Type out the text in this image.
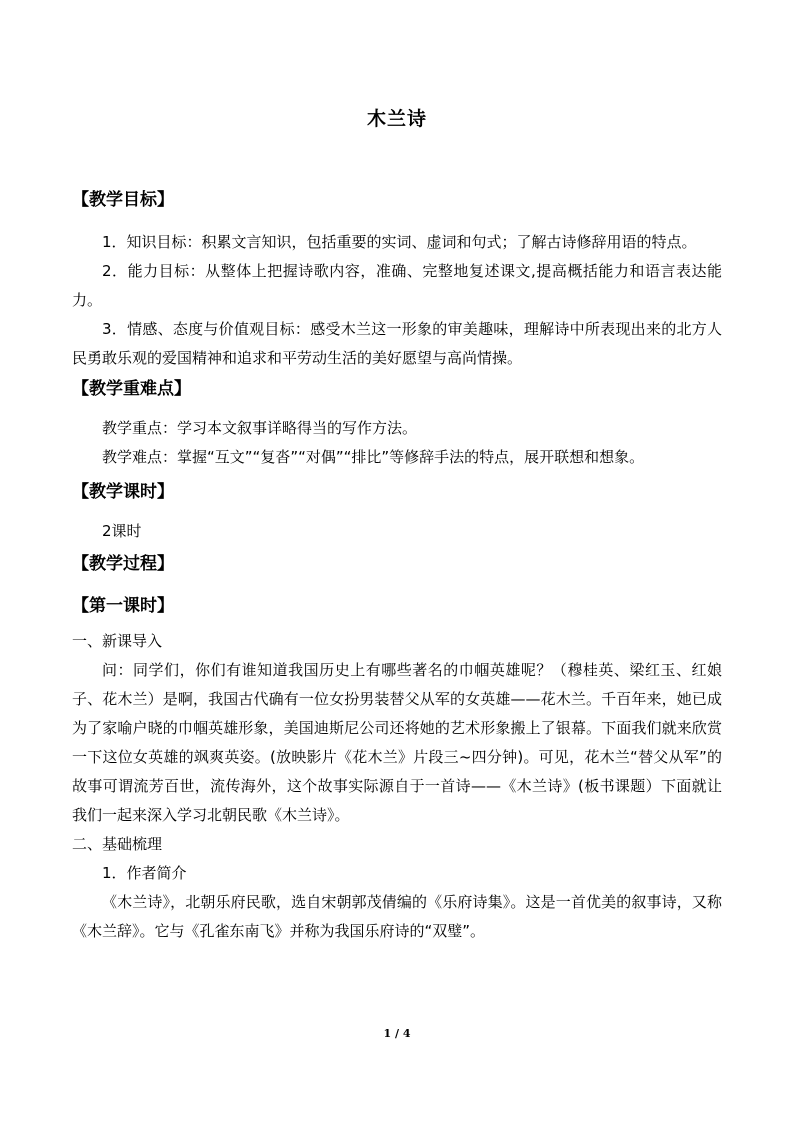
木兰诗

【教学目标】

1．知识目标：积累文言知识，包括重要的实词、虚词和句式；了解古诗修辞用语的特点。

2．能力目标：从整体上把握诗歌内容，准确、完整地复述课文,提高概括能力和语言表达能力。

3．情感、态度与价值观目标：感受木兰这一形象的审美趣味，理解诗中所表现出来的北方人民勇敢乐观的爱国精神和追求和平劳动生活的美好愿望与高尚情操。

【教学重难点】

教学重点：学习本文叙事详略得当的写作方法。

教学难点：掌握“互文”“复沓”“对偶”“排比”等修辞手法的特点，展开联想和想象。

【教学课时】

2课时

【教学过程】

【第一课时】

一、新课导入

问：同学们，你们有谁知道我国历史上有哪些著名的巾帼英雄呢？（穆桂英、梁红玉、红娘子、花木兰）是啊，我国古代确有一位女扮男装替父从军的女英雄——花木兰。千百年来，她已成为了家喻户晓的巾帼英雄形象，美国迪斯尼公司还将她的艺术形象搬上了银幕。下面我们就来欣赏一下这位女英雄的飒爽英姿。(放映影片《花木兰》片段三~四分钟)。可见，花木兰“替父从军”的故事可谓流芳百世，流传海外，这个故事实际源自于一首诗——《木兰诗》(板书课题）下面就让我们一起来深入学习北朝民歌《木兰诗》。

二、基础梳理

1．作者简介

《木兰诗》，北朝乐府民歌，选自宋朝郭茂倩编的《乐府诗集》。这是一首优美的叙事诗，又称《木兰辞》。它与《孔雀东南飞》并称为我国乐府诗的“双璧”。

1 / 4
